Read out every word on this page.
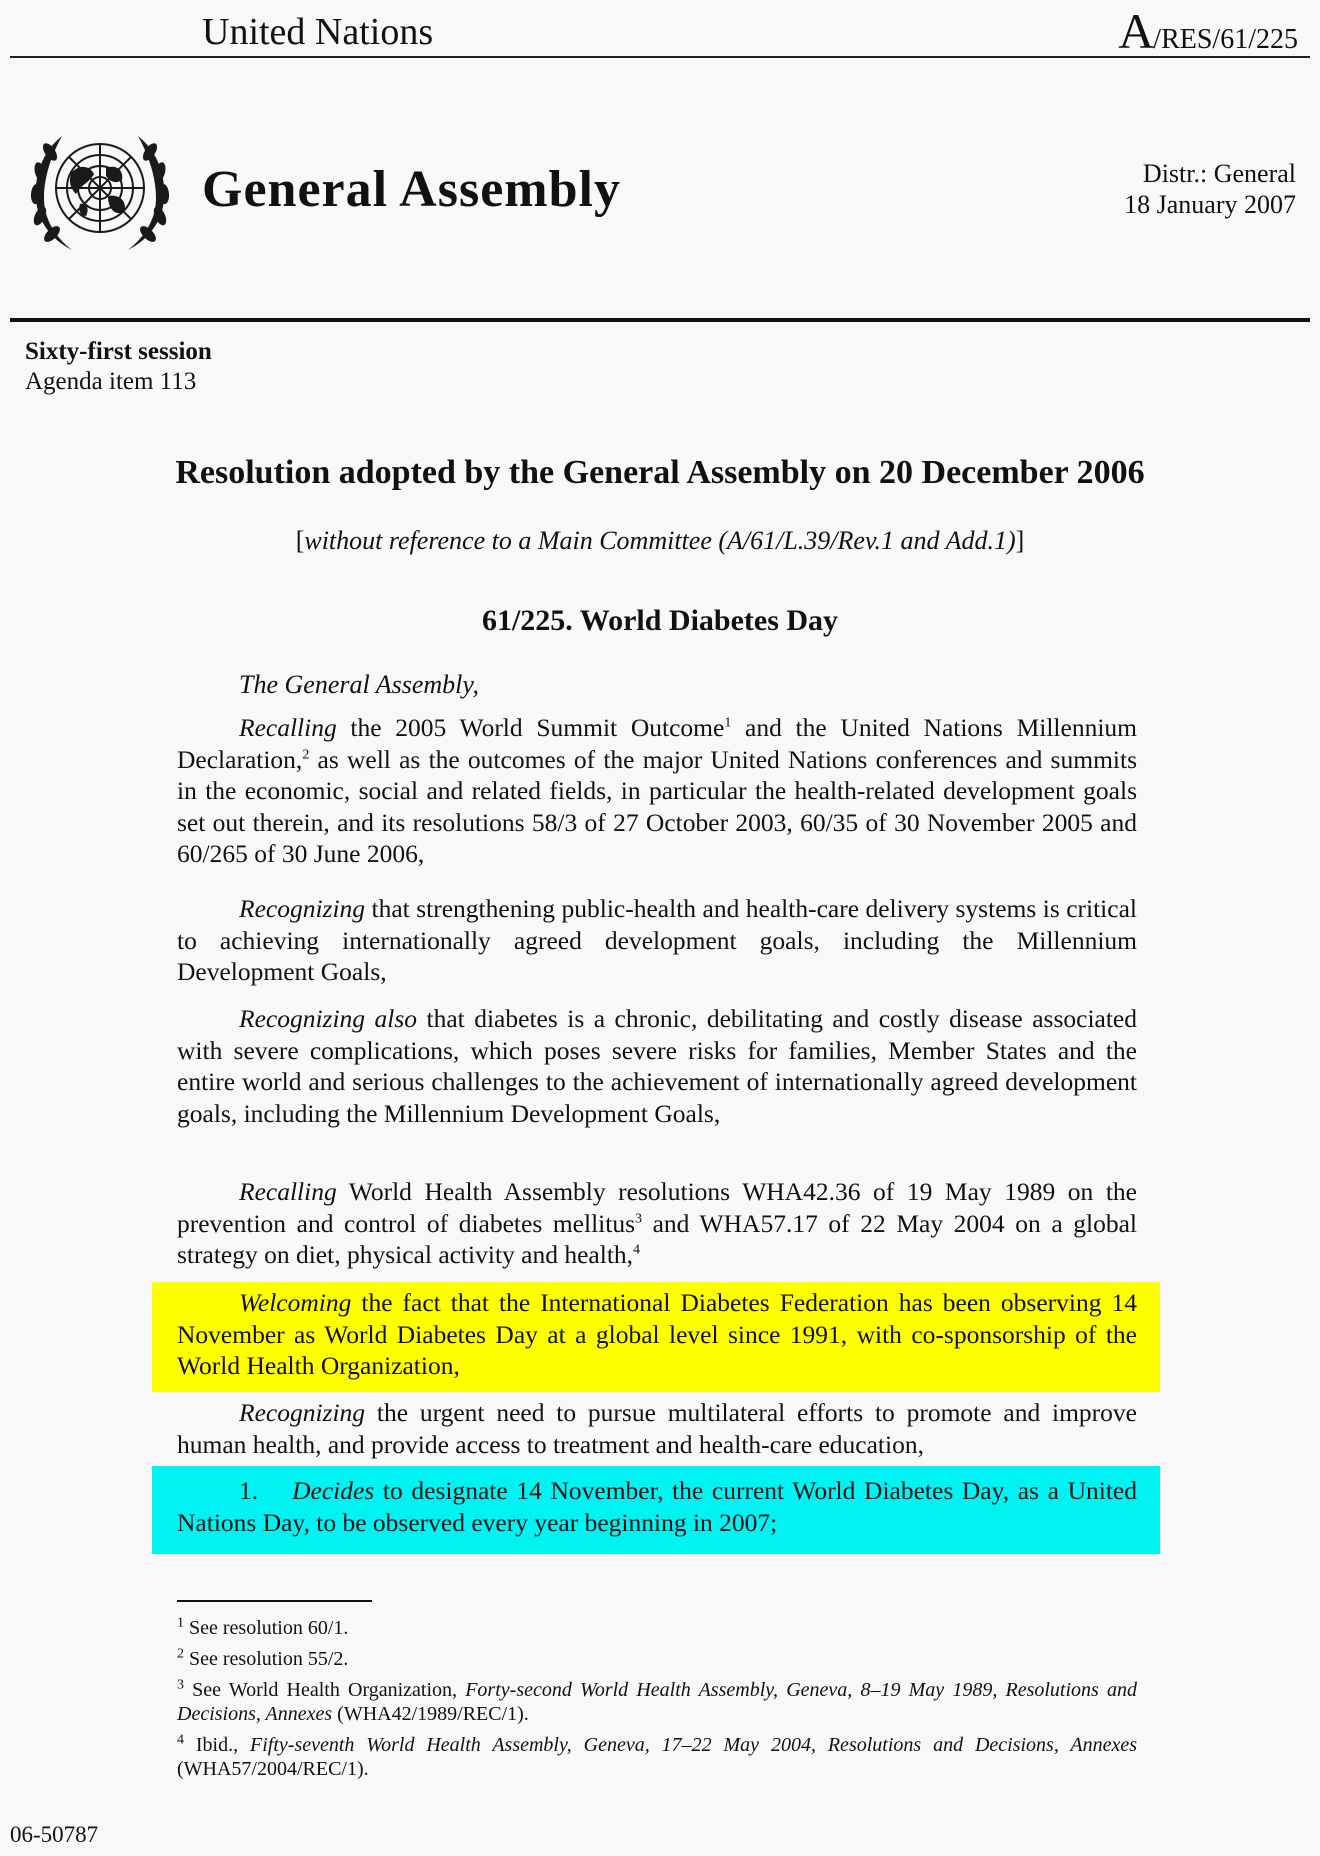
United Nations	A/RES/61/225
General Assembly	Distr.: General
18 January 2007
Sixty-first session
Agenda item 113
Resolution adopted by the General Assembly on 20 December 2006
[without reference to a Main Committee (A/61/L.39/Rev.1 and Add.1)]
61/225. World Diabetes Day
The General Assembly,

Recalling the 2005 World Summit Outcome$^1$ and the United Nations Millennium Declaration,$^2$ as well as the outcomes of the major United Nations conferences and summits in the economic, social and related fields, in particular the health-related development goals set out therein, and its resolutions 58/3 of 27 October 2003, 60/35 of 30 November 2005 and 60/265 of 30 June 2006,

Recognizing that strengthening public-health and health-care delivery systems is critical to achieving internationally agreed development goals, including the Millennium Development Goals,

Recognizing also that diabetes is a chronic, debilitating and costly disease associated with severe complications, which poses severe risks for families, Member States and the entire world and serious challenges to the achievement of internationally agreed development goals, including the Millennium Development Goals,

Recalling World Health Assembly resolutions WHA42.36 of 19 May 1989 on the prevention and control of diabetes mellitus$^3$ and WHA57.17 of 22 May 2004 on a global strategy on diet, physical activity and health,$^4$

Welcoming the fact that the International Diabetes Federation has been observing 14 November as World Diabetes Day at a global level since 1991, with co-sponsorship of the World Health Organization,

Recognizing the urgent need to pursue multilateral efforts to promote and improve human health, and provide access to treatment and health-care education,

1. Decides to designate 14 November, the current World Diabetes Day, as a United Nations Day, to be observed every year beginning in 2007;

$^1$ See resolution 60/1.
$^2$ See resolution 55/2.
$^3$ See World Health Organization, Forty-second World Health Assembly, Geneva, 8–19 May 1989, Resolutions and Decisions, Annexes (WHA42/1989/REC/1).
$^4$ Ibid., Fifty-seventh World Health Assembly, Geneva, 17–22 May 2004, Resolutions and Decisions, Annexes (WHA57/2004/REC/1).
06-50787
